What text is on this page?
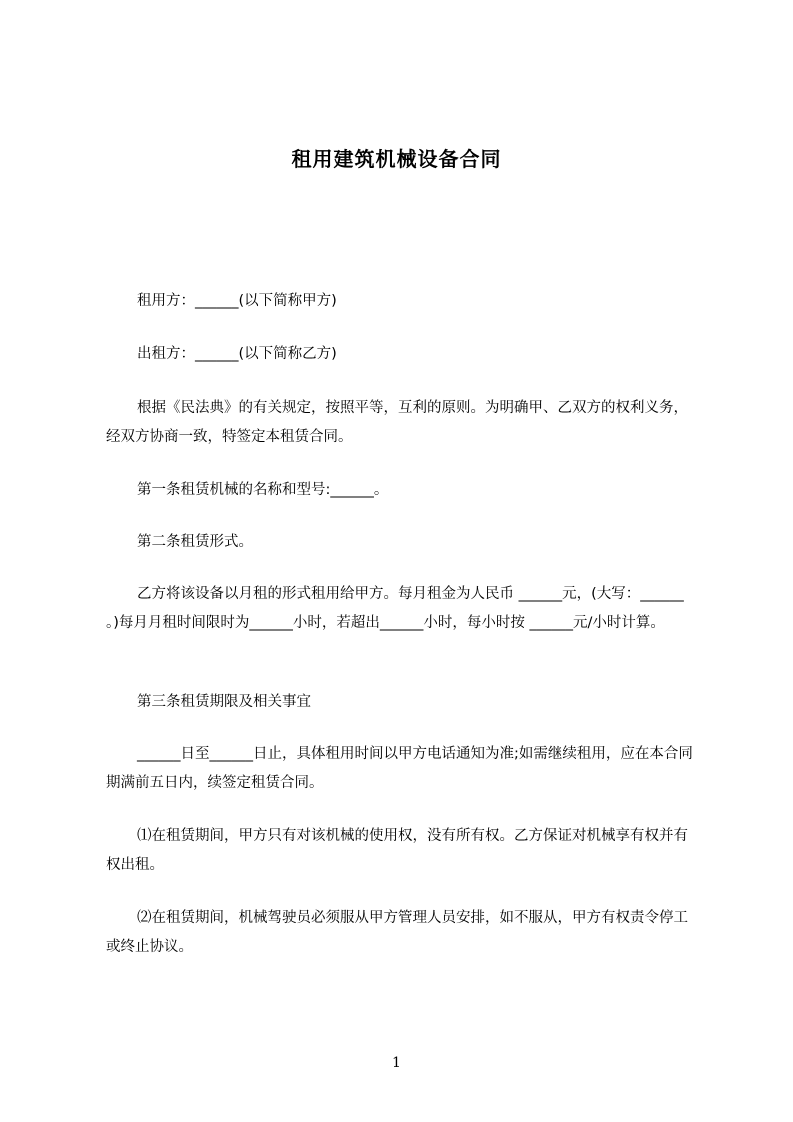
租用建筑机械设备合同
租用方：______(以下简称甲方)
出租方：______(以下简称乙方)
根据《民法典》的有关规定，按照平等，互利的原则。为明确甲、乙双方的权利义务，经双方协商一致，特签定本租赁合同。
第一条租赁机械的名称和型号:______。
第二条租赁形式。
乙方将该设备以月租的形式租用给甲方。每月租金为人民币 ______元，(大写：______ 。)每月月租时间限时为______小时，若超出______小时，每小时按 ______元/小时计算。
第三条租赁期限及相关事宜
______日至______日止，具体租用时间以甲方电话通知为准;如需继续租用，应在本合同期满前五日内，续签定租赁合同。
⑴在租赁期间，甲方只有对该机械的使用权，没有所有权。乙方保证对机械享有权并有权出租。
⑵在租赁期间，机械驾驶员必须服从甲方管理人员安排，如不服从，甲方有权责令停工或终止协议。
1
